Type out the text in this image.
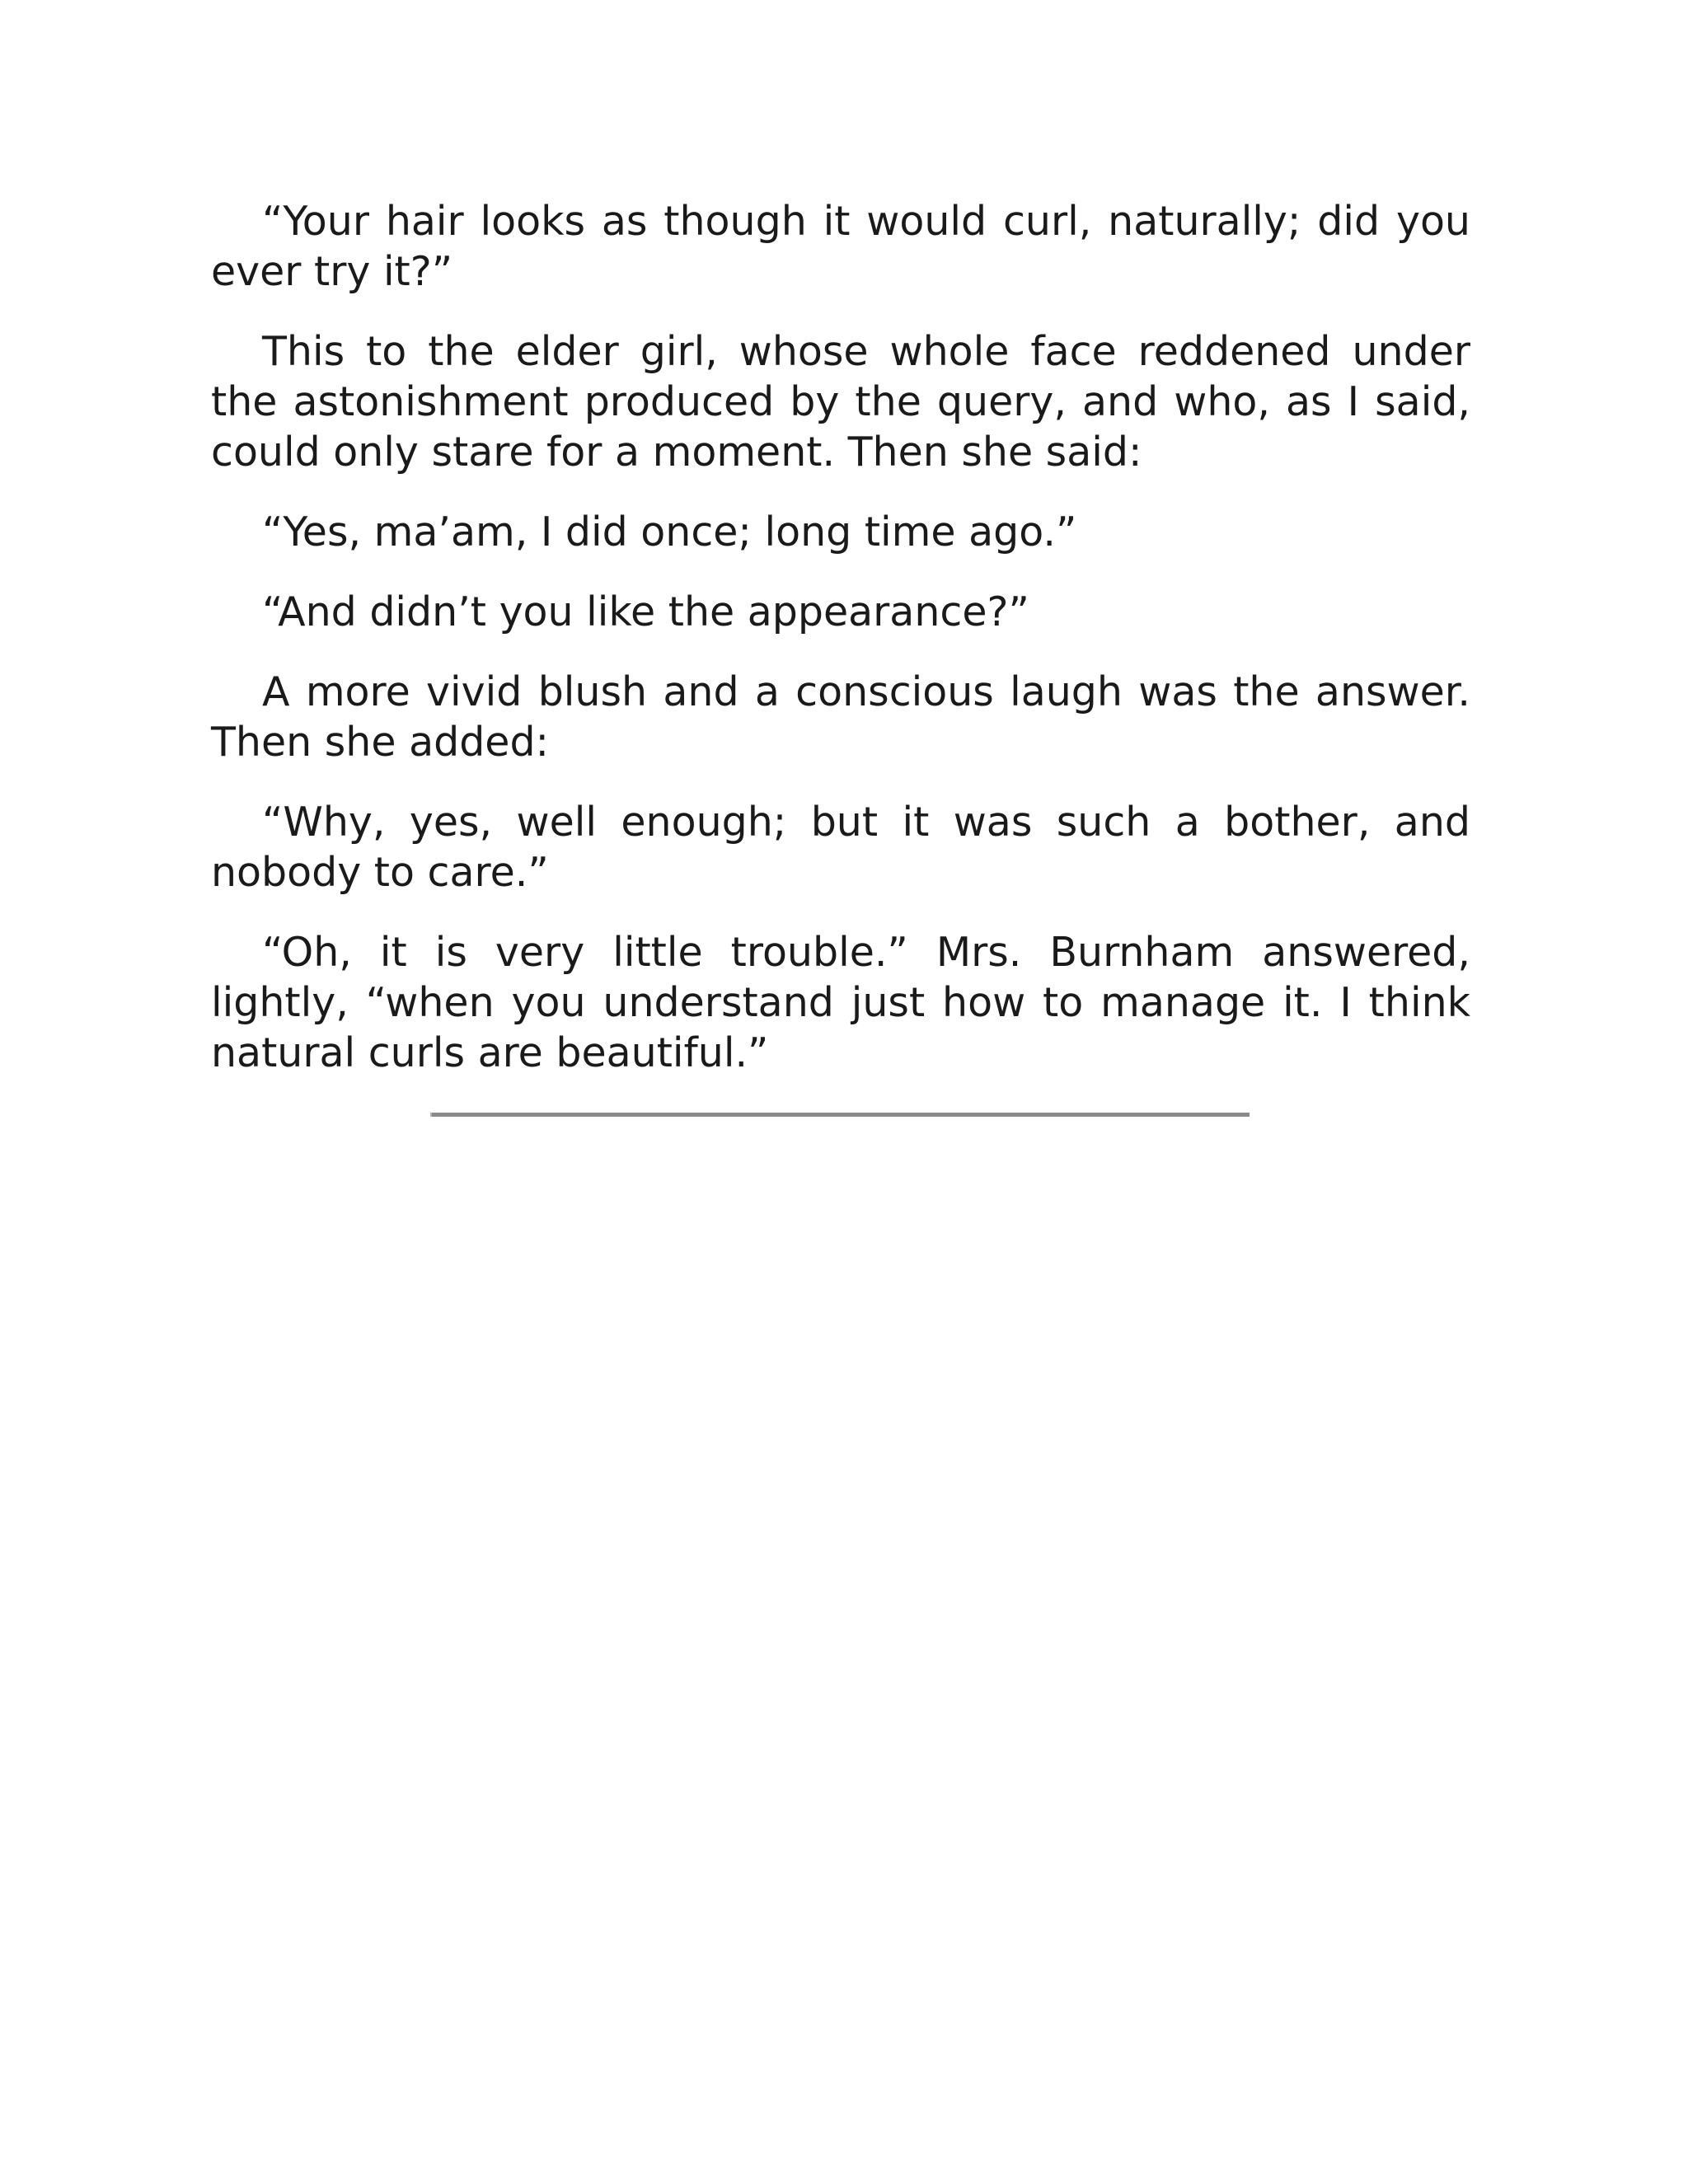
“Your hair looks as though it would curl, naturally; did you ever try it?”

This to the elder girl, whose whole face reddened under the astonishment produced by the query, and who, as I said, could only stare for a moment. Then she said:

“Yes, ma’am, I did once; long time ago.”

“And didn’t you like the appearance?”

A more vivid blush and a conscious laugh was the answer. Then she added:

“Why, yes, well enough; but it was such a bother, and nobody to care.”

“Oh, it is very little trouble.” Mrs. Burnham answered, lightly, “when you understand just how to manage it. I think natural curls are beautiful.”
